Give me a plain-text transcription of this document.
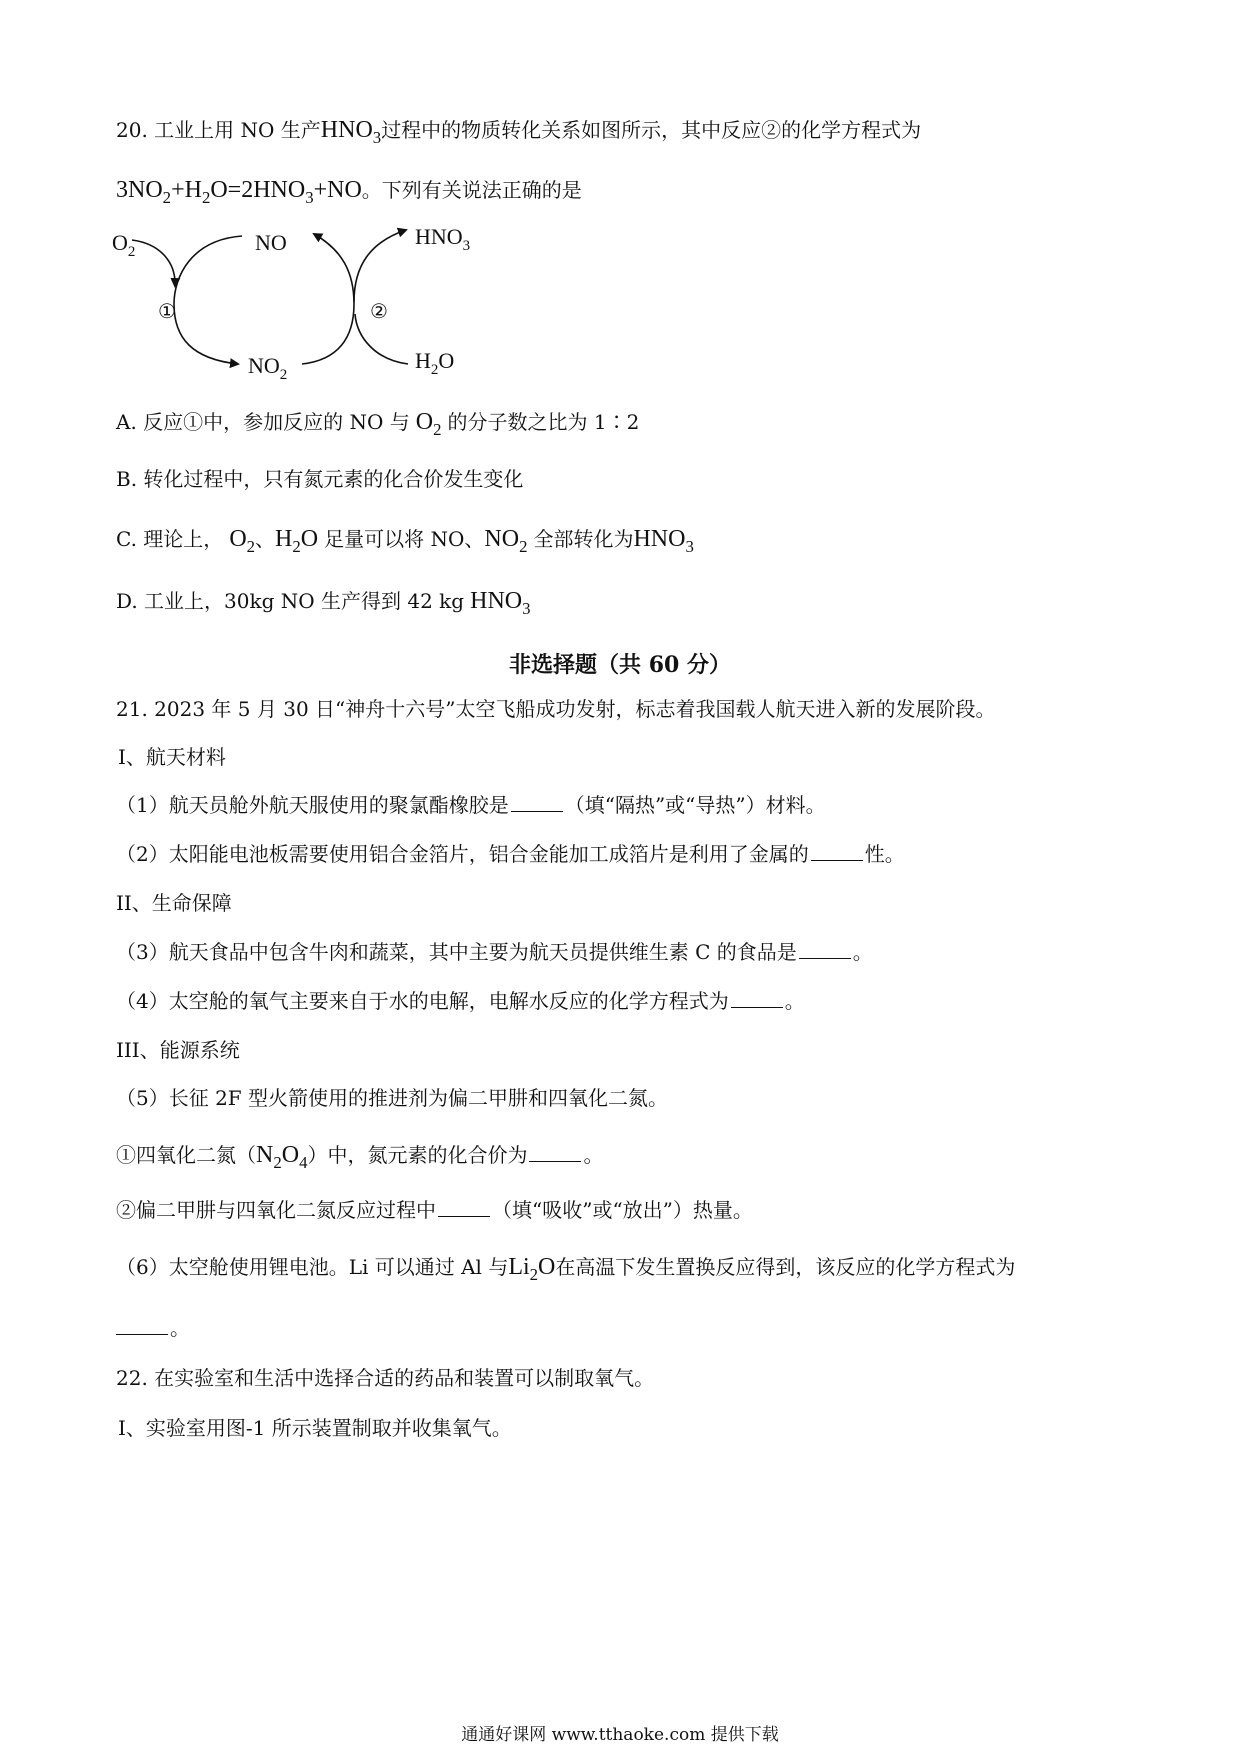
20. 工业上用 NO 生产$HNO_3$过程中的物质转化关系如图所示，其中反应②的化学方程式为
$3NO_2+H_2O=2HNO_3+NO$。下列有关说法正确的是
$O_2$	NO	$HNO_3$
$NO_2$
$H_2O$
①	②
A. 反应①中，参加反应的 NO 与 $O_2$ 的分子数之比为 1∶2
B. 转化过程中，只有氮元素的化合价发生变化
C. 理论上， $O_2$、$H_2O$ 足量可以将 NO、$NO_2$ 全部转化为$HNO_3$
D. 工业上，30kg NO 生产得到 42 kg $HNO_3$
非选择题（共 60 分）
21. 2023 年 5 月 30 日“神舟十六号”太空飞船成功发射，标志着我国载人航天进入新的发展阶段。
Ⅰ、航天材料
（1）航天员舱外航天服使用的聚氯酯橡胶是	（填“隔热”或“导热”）材料。
（2）太阳能电池板需要使用铝合金箔片，铝合金能加工成箔片是利用了金属的	性。
II、生命保障
（3）航天食品中包含牛肉和蔬菜，其中主要为航天员提供维生素 C 的食品是	。
（4）太空舱的氧气主要来自于水的电解，电解水反应的化学方程式为	。
III、能源系统
（5）长征 2F 型火箭使用的推进剂为偏二甲肼和四氧化二氮。
①四氧化二氮$(N_2O_4)$中，氮元素的化合价为	。
②偏二甲肼与四氧化二氮反应过程中	（填“吸收”或“放出”）热量。
（6）太空舱使用锂电池。Li 可以通过 Al 与$Li_2O$在高温下发生置换反应得到，该反应的化学方程式为
。
22. 在实验室和生活中选择合适的药品和装置可以制取氧气。
Ⅰ、实验室用图-1 所示装置制取并收集氧气。
通通好课网 www.tthaoke.com 提供下载
